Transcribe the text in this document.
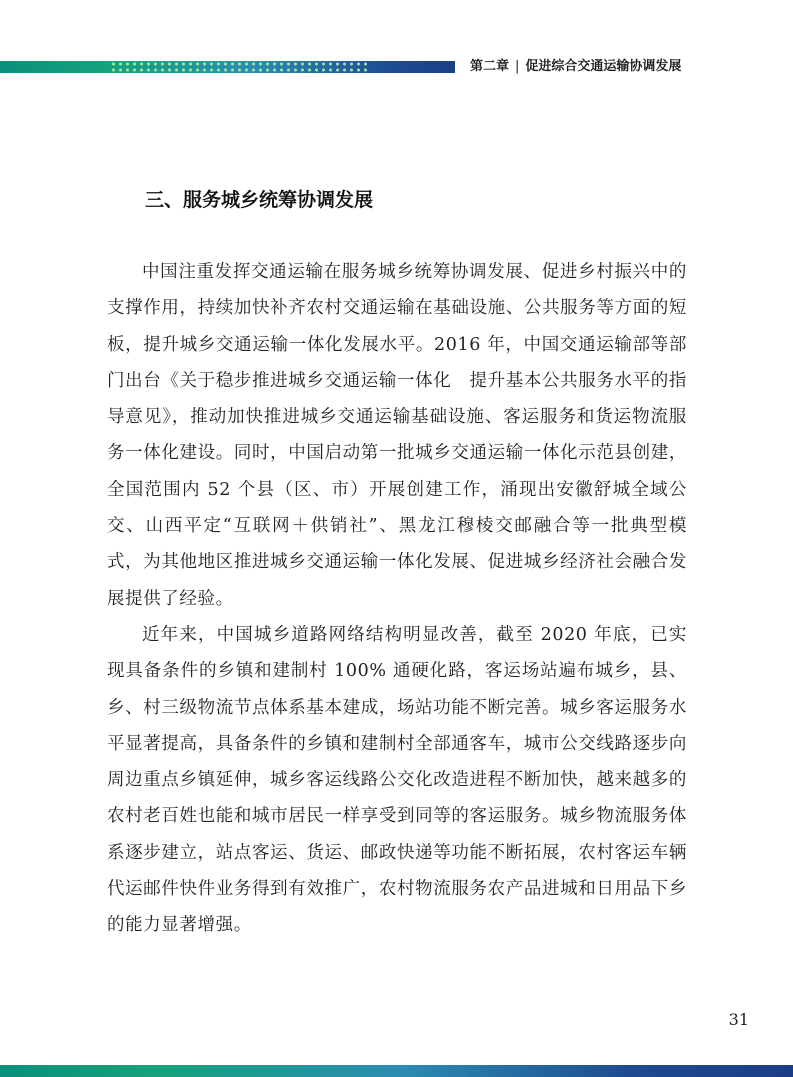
第二章 | 促进综合交通运输协调发展
三、服务城乡统筹协调发展

中国注重发挥交通运输在服务城乡统筹协调发展、促进乡村振兴中的支撑作用，持续加快补齐农村交通运输在基础设施、公共服务等方面的短板，提升城乡交通运输一体化发展水平。2016 年，中国交通运输部等部门出台《关于稳步推进城乡交通运输一体化　提升基本公共服务水平的指导意见》，推动加快推进城乡交通运输基础设施、客运服务和货运物流服务一体化建设。同时，中国启动第一批城乡交通运输一体化示范县创建，全国范围内 52 个县（区、市）开展创建工作，涌现出安徽舒城全域公交、山西平定“互联网＋供销社”、黑龙江穆棱交邮融合等一批典型模式，为其他地区推进城乡交通运输一体化发展、促进城乡经济社会融合发展提供了经验。

近年来，中国城乡道路网络结构明显改善，截至 2020 年底，已实现具备条件的乡镇和建制村 100% 通硬化路，客运场站遍布城乡，县、乡、村三级物流节点体系基本建成，场站功能不断完善。城乡客运服务水平显著提高，具备条件的乡镇和建制村全部通客车，城市公交线路逐步向周边重点乡镇延伸，城乡客运线路公交化改造进程不断加快，越来越多的农村老百姓也能和城市居民一样享受到同等的客运服务。城乡物流服务体系逐步建立，站点客运、货运、邮政快递等功能不断拓展，农村客运车辆代运邮件快件业务得到有效推广，农村物流服务农产品进城和日用品下乡的能力显著增强。

31
